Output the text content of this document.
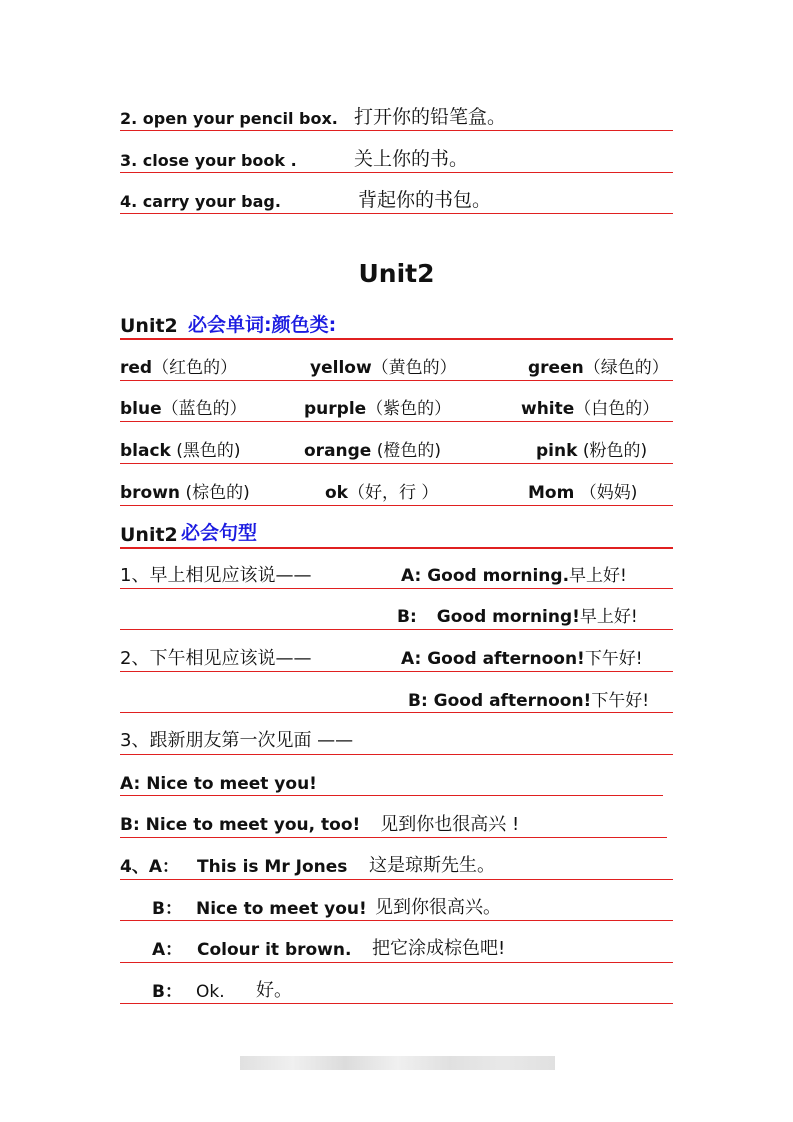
2. open your pencil box. 打开你的铅笔盒。
3. close your book .	关上你的书。
4. carry your bag.	背起你的书包。
Unit2
Unit2 必会单词:颜色类:
red（红色的）	yellow（黄色的）	green（绿色的）
blue（蓝色的）	purple（紫色的）	white（白色的）
black (黑色的)	orange (橙色的)	pink (粉色的)
brown (棕色的)	ok（好，行 ）	Mom （妈妈)
Unit2 必会句型
1、早上相见应该说——	A: Good morning.早上好!
B: Good morning!早上好!
2、下午相见应该说——	A: Good afternoon!下午好!
B: Good afternoon!下午好!
3、跟新朋友第一次见面 ——
A: Nice to meet you!
B: Nice to meet you, too! 见到你也很高兴 !
4、A： This is Mr Jones 这是琼斯先生。
B： Nice to meet you! 见到你很高兴。
A： Colour it brown. 把它涂成棕色吧!
B： Ok. 好。
